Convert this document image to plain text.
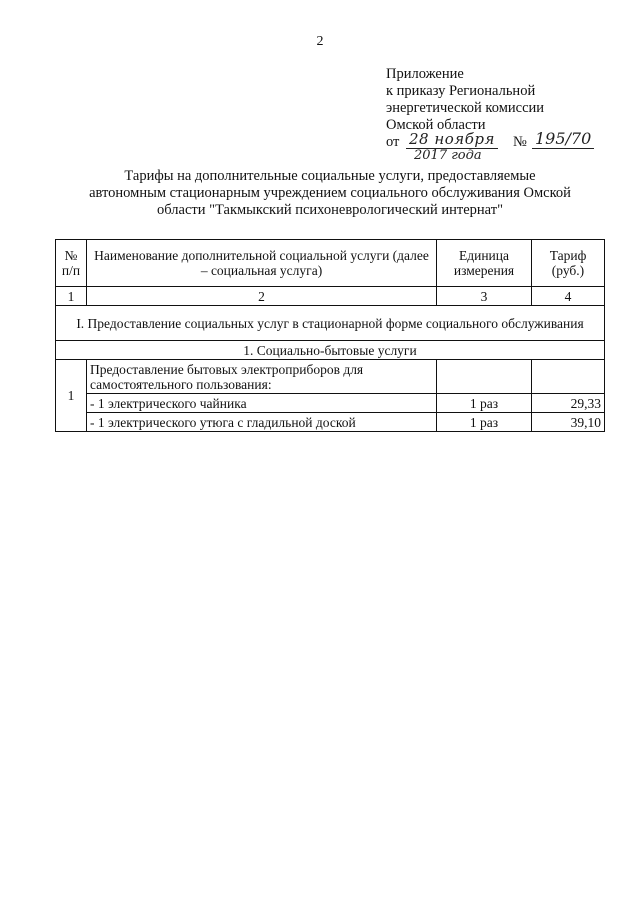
2
Приложение
к приказу Региональной
энергетической комиссии
Омской области
от 28 ноября
2017 года
№ 195/70
Тарифы на дополнительные социальные услуги, предоставляемые
автономным стационарным учреждением социального обслуживания Омской
области "Такмыкский психоневрологический интернат"
№ п/п	Наименование дополнительной социальной услуги (далее – социальная услуга)	Единица измерения	Тариф (руб.)
1	2	3	4
I. Предоставление социальных услуг в стационарной форме социального обслуживания			
1. Социально-бытовые услуги			
1	Предоставление бытовых электроприборов для самостоятельного пользования:		
	- 1 электрического чайника	1 раз	29,33
	- 1 электрического утюга с гладильной доской	1 раз	39,10
